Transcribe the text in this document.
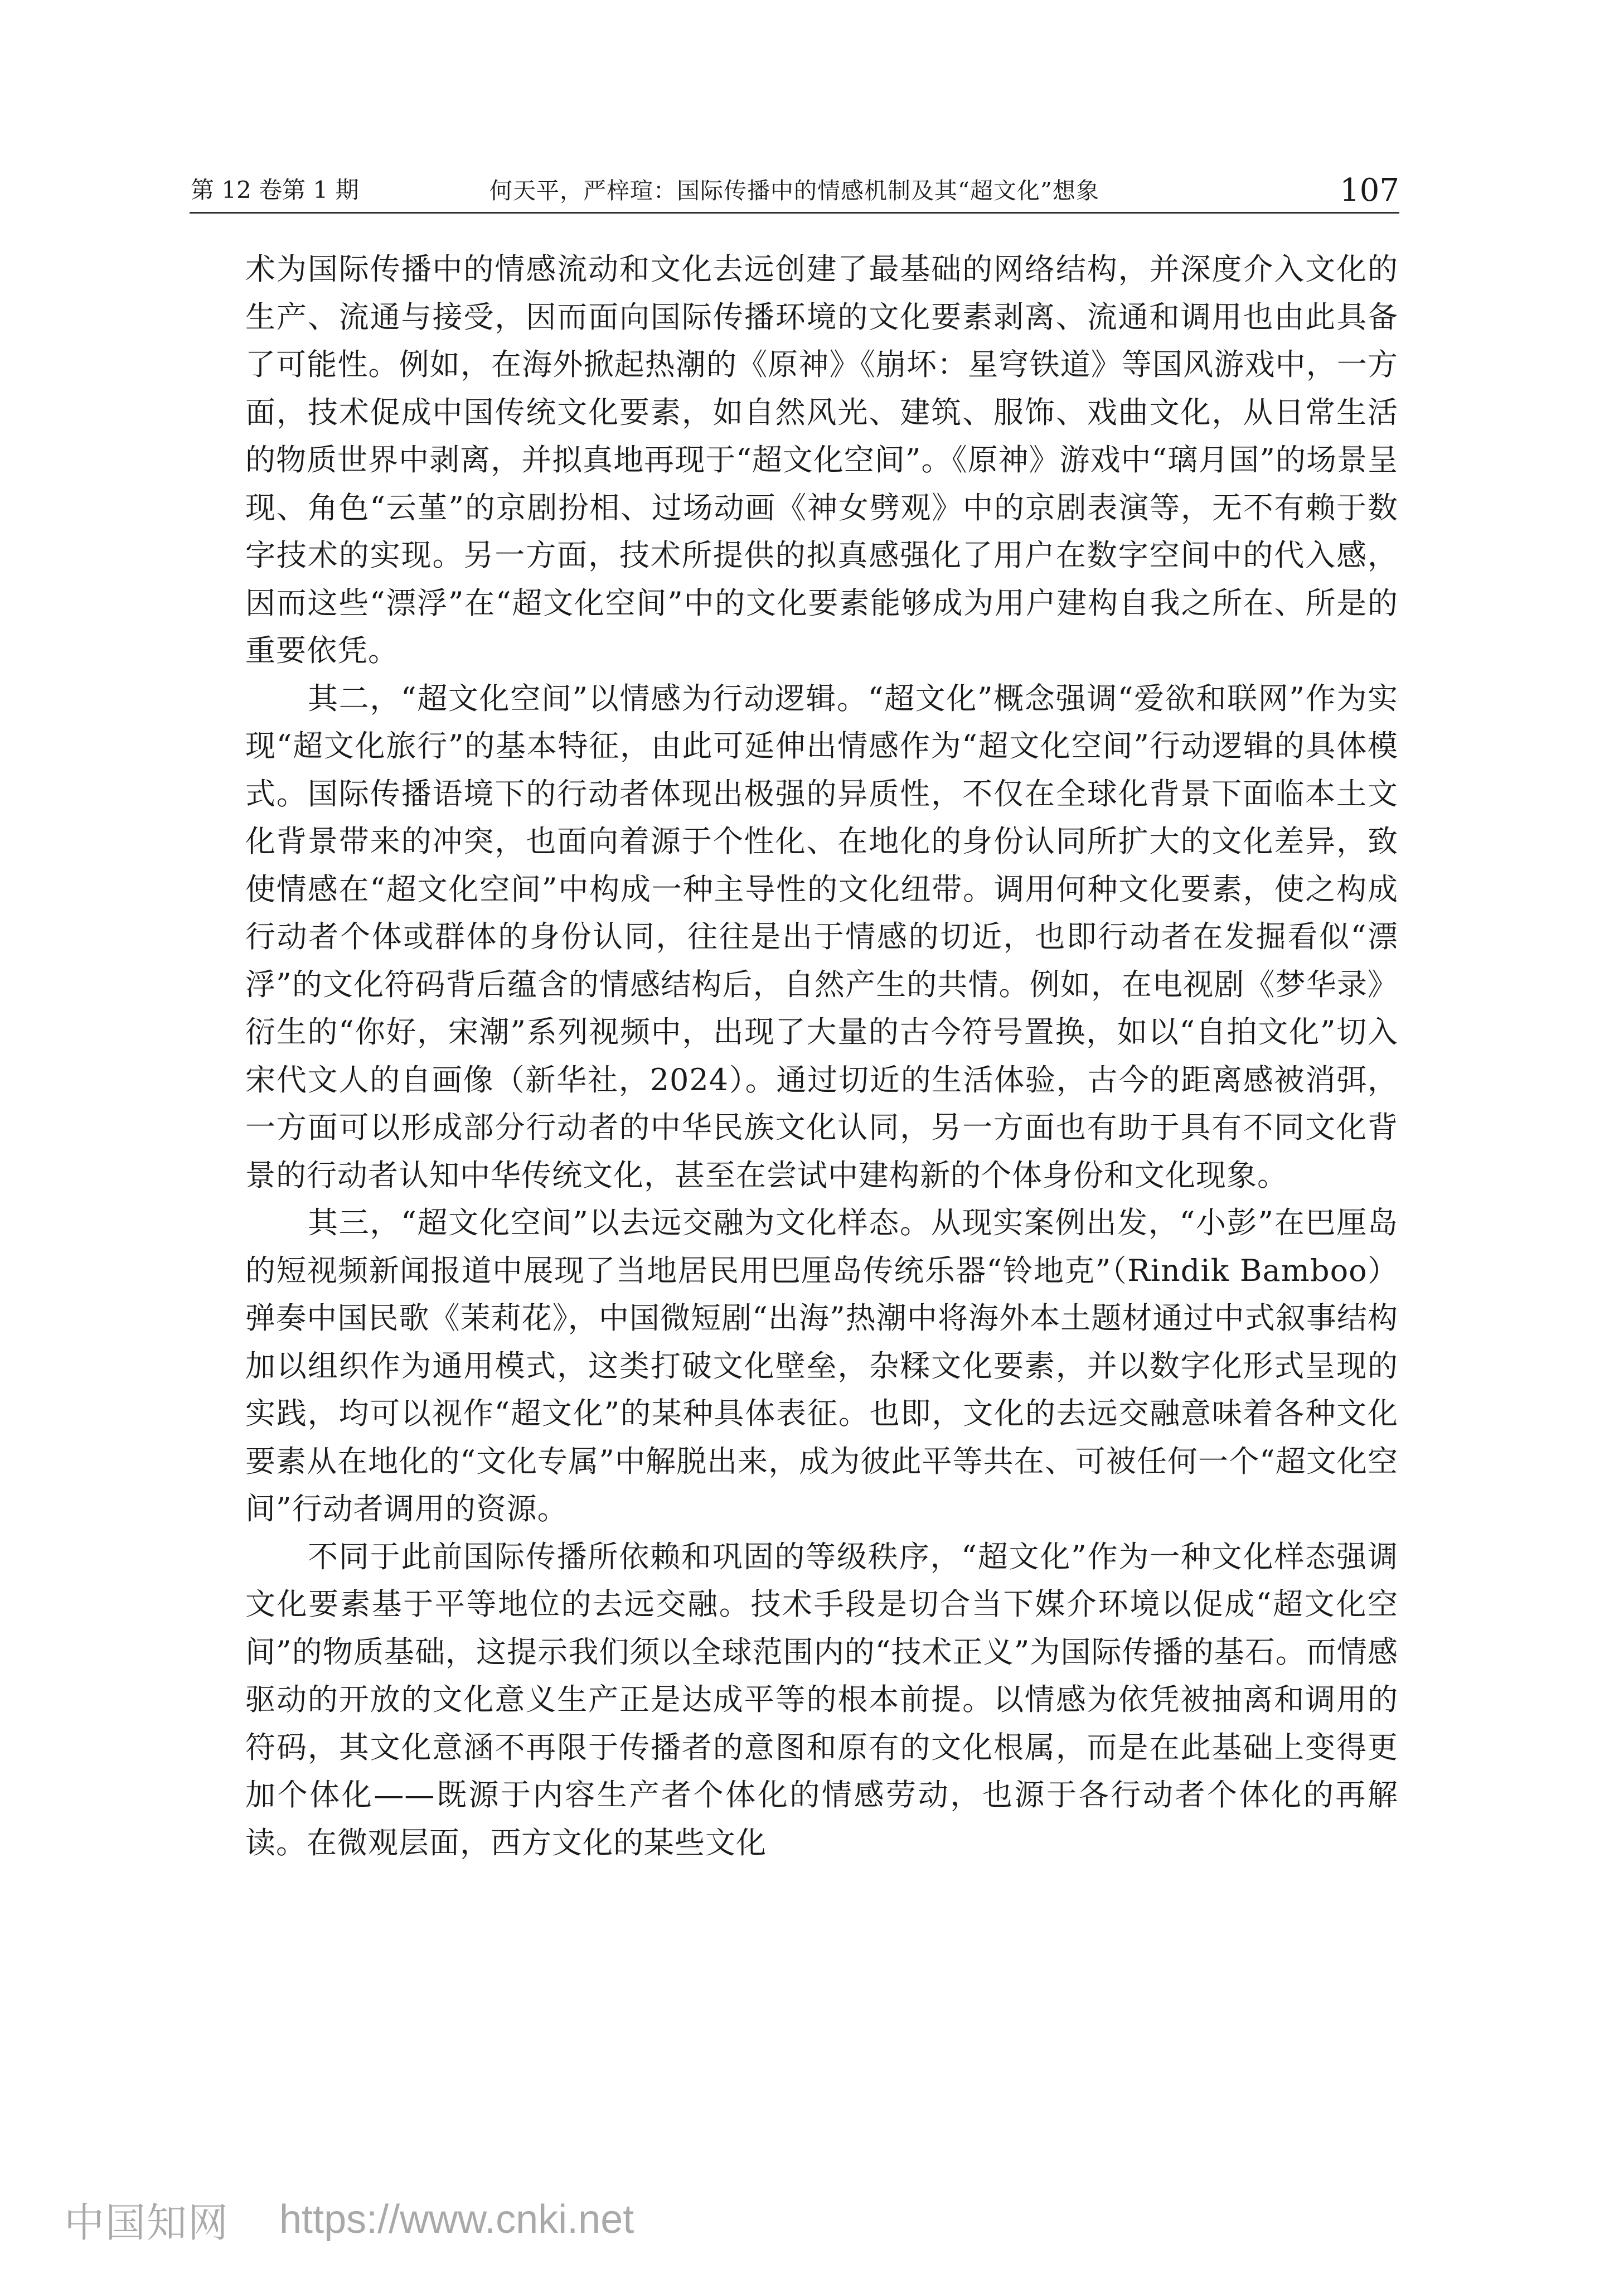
第 12 卷第 1 期	何天平，严梓瑄：国际传播中的情感机制及其“超文化”想象	107

术为国际传播中的情感流动和文化去远创建了最基础的网络结构，并深度介入文化的生产、流通与接受，因而面向国际传播环境的文化要素剥离、流通和调用也由此具备了可能性。例如，在海外掀起热潮的《原神》《崩坏：星穹铁道》等国风游戏中，一方面，技术促成中国传统文化要素，如自然风光、建筑、服饰、戏曲文化，从日常生活的物质世界中剥离，并拟真地再现于“超文化空间”。《原神》游戏中“璃月国”的场景呈现、角色“云堇”的京剧扮相、过场动画《神女劈观》中的京剧表演等，无不有赖于数字技术的实现。另一方面，技术所提供的拟真感强化了用户在数字空间中的代入感，因而这些“漂浮”在“超文化空间”中的文化要素能够成为用户建构自我之所在、所是的重要依凭。

其二，“超文化空间”以情感为行动逻辑。“超文化”概念强调“爱欲和联网”作为实现“超文化旅行”的基本特征，由此可延伸出情感作为“超文化空间”行动逻辑的具体模式。国际传播语境下的行动者体现出极强的异质性，不仅在全球化背景下面临本土文化背景带来的冲突，也面向着源于个性化、在地化的身份认同所扩大的文化差异，致使情感在“超文化空间”中构成一种主导性的文化纽带。调用何种文化要素，使之构成行动者个体或群体的身份认同，往往是出于情感的切近，也即行动者在发掘看似“漂浮”的文化符码背后蕴含的情感结构后，自然产生的共情。例如，在电视剧《梦华录》衍生的“你好，宋潮”系列视频中，出现了大量的古今符号置换，如以“自拍文化”切入宋代文人的自画像（新华社，2024）。通过切近的生活体验，古今的距离感被消弭，一方面可以形成部分行动者的中华民族文化认同，另一方面也有助于具有不同文化背景的行动者认知中华传统文化，甚至在尝试中建构新的个体身份和文化现象。

其三，“超文化空间”以去远交融为文化样态。从现实案例出发，“小彭”在巴厘岛的短视频新闻报道中展现了当地居民用巴厘岛传统乐器“铃地克”（Rindik Bamboo）弹奏中国民歌《茉莉花》，中国微短剧“出海”热潮中将海外本土题材通过中式叙事结构加以组织作为通用模式，这类打破文化壁垒，杂糅文化要素，并以数字化形式呈现的实践，均可以视作“超文化”的某种具体表征。也即，文化的去远交融意味着各种文化要素从在地化的“文化专属”中解脱出来，成为彼此平等共在、可被任何一个“超文化空间”行动者调用的资源。

不同于此前国际传播所依赖和巩固的等级秩序，“超文化”作为一种文化样态强调文化要素基于平等地位的去远交融。技术手段是切合当下媒介环境以促成“超文化空间”的物质基础，这提示我们须以全球范围内的“技术正义”为国际传播的基石。而情感驱动的开放的文化意义生产正是达成平等的根本前提。以情感为依凭被抽离和调用的符码，其文化意涵不再限于传播者的意图和原有的文化根属，而是在此基础上变得更加个体化——既源于内容生产者个体化的情感劳动，也源于各行动者个体化的再解读。在微观层面，西方文化的某些文化

中国知网 https://www.cnki.net
